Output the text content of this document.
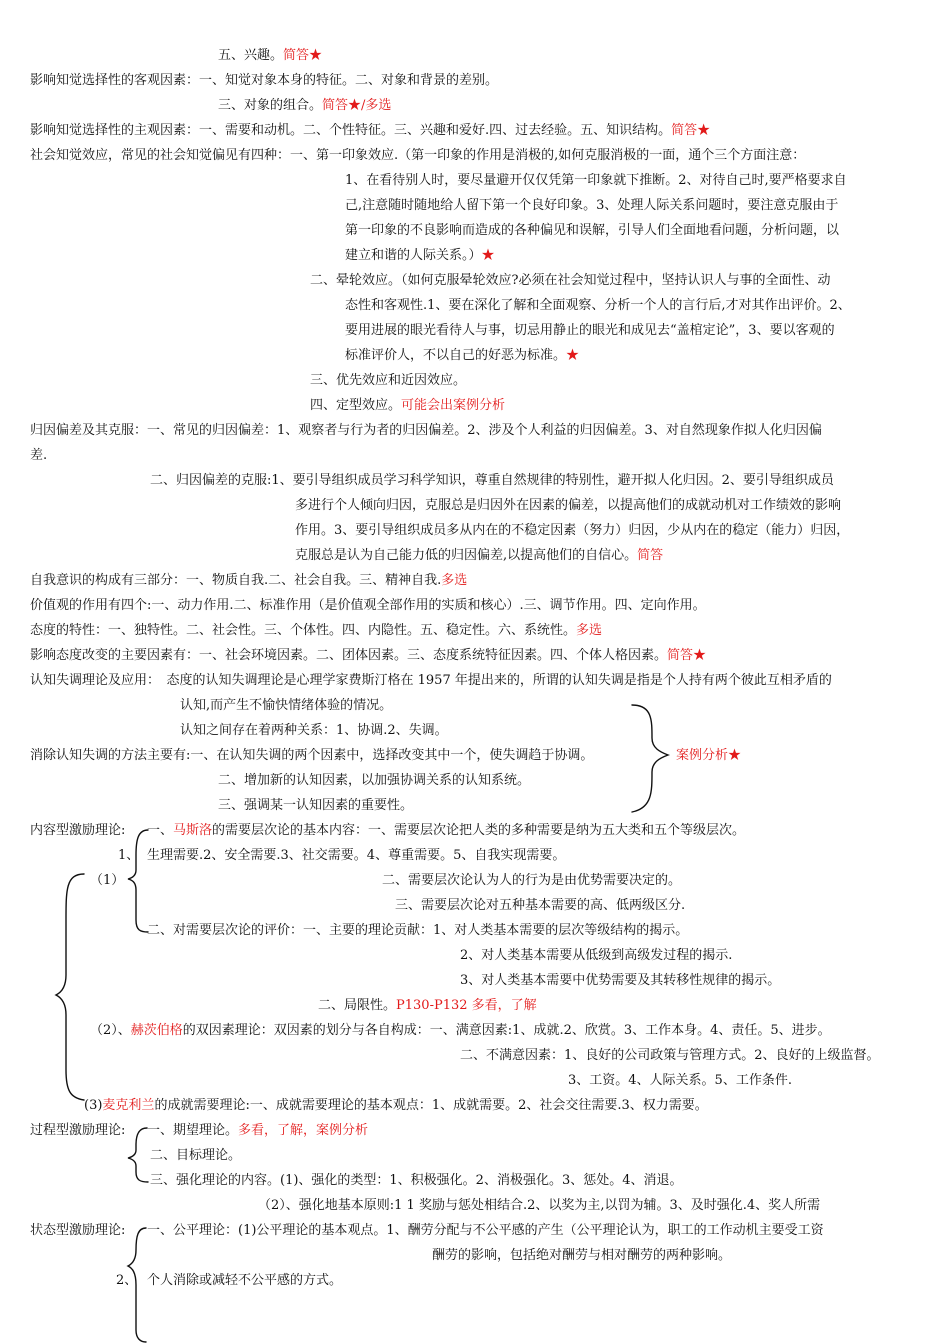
五、兴趣。简答★
影响知觉选择性的客观因素：一、知觉对象本身的特征。二、对象和背景的差别。
三、对象的组合。简答★/多选
影响知觉选择性的主观因素：一、需要和动机。二、个性特征。三、兴趣和爱好.四、过去经验。五、知识结构。简答★
社会知觉效应，常见的社会知觉偏见有四种：一、第一印象效应.（第一印象的作用是消极的,如何克服消极的一面，通个三个方面注意：
1、在看待别人时，要尽量避开仅仅凭第一印象就下推断。2、对待自己时,要严格要求自
己,注意随时随地给人留下第一个良好印象。3、处理人际关系问题时，要注意克服由于
第一印象的不良影响而造成的各种偏见和误解，引导人们全面地看问题，分析问题，以
建立和谐的人际关系。）★
二、晕轮效应。（如何克服晕轮效应?必须在社会知觉过程中，坚持认识人与事的全面性、动
态性和客观性.1、要在深化了解和全面观察、分析一个人的言行后,才对其作出评价。2、
要用进展的眼光看待人与事，切忌用静止的眼光和成见去“盖棺定论”，3、要以客观的
标准评价人，不以自己的好恶为标准。★
三、优先效应和近因效应。
四、定型效应。可能会出案例分析
归因偏差及其克服：一、常见的归因偏差：1、观察者与行为者的归因偏差。2、涉及个人利益的归因偏差。3、对自然现象作拟人化归因偏
差.
二、归因偏差的克服:1、要引导组织成员学习科学知识，尊重自然规律的特别性，避开拟人化归因。2、要引导组织成员
多进行个人倾向归因，克服总是归因外在因素的偏差，以提高他们的成就动机对工作绩效的影响
作用。3、要引导组织成员多从内在的不稳定因素（努力）归因，少从内在的稳定（能力）归因，
克服总是认为自己能力低的归因偏差,以提高他们的自信心。简答
自我意识的构成有三部分：一、物质自我.二、社会自我。三、精神自我.多选
价值观的作用有四个:一、动力作用.二、标准作用（是价值观全部作用的实质和核心）.三、调节作用。四、定向作用。
态度的特性：一、独特性。二、社会性。三、个体性。四、内隐性。五、稳定性。六、系统性。多选
影响态度改变的主要因素有：一、社会环境因素。二、团体因素。三、态度系统特征因素。四、个体人格因素。简答★
认知失调理论及应用：　态度的认知失调理论是心理学家费斯汀格在 1957 年提出来的，所谓的认知失调是指是个人持有两个彼此互相矛盾的
认知,而产生不愉快情绪体验的情况。
认知之间存在着两种关系：1、协调.2、失调。
消除认知失调的方法主要有:一、在认知失调的两个因素中，选择改变其中一个，使失调趋于协调。	案例分析★
二、增加新的认知因素，以加强协调关系的认知系统。
三、强调某一认知因素的重要性。
内容型激励理论: 一、马斯洛的需要层次论的基本内容：一、需要层次论把人类的多种需要是纳为五大类和五个等级层次。
1、 生理需要.2、安全需要.3、社交需要。4、尊重需要。5、自我实现需要。
（1）	二、需要层次论认为人的行为是由优势需要决定的。
　三、需要层次论对五种基本需要的高、低两级区分.
二、对需要层次论的评价：一、主要的理论贡献：1、对人类基本需要的层次等级结构的揭示。
2、对人类基本需要从低级到高级发过程的揭示.
3、对人类基本需要中优势需要及其转移性规律的揭示。
二、局限性。P130-P132 多看，了解
（2）、赫茨伯格的双因素理论：双因素的划分与各自构成：一、满意因素:1、成就.2、欣赏。3、工作本身。4、责任。5、进步。
二、不满意因素：1、良好的公司政策与管理方式。2、良好的上级监督。
3、工资。4、人际关系。5、工作条件.
(3)麦克利兰的成就需要理论:一、成就需要理论的基本观点：1、成就需要。2、社会交往需要.3、权力需要。
过程型激励理论: 一、期望理论。多看，了解，案例分析
二、目标理论。
三、强化理论的内容。(1)、强化的类型：1、积极强化。2、消极强化。3、惩处。4、消退。
（2）、强化地基本原则:1 1 奖励与惩处相结合.2、以奖为主,以罚为辅。3、及时强化.4、奖人所需
状态型激励理论: 一、公平理论：(1)公平理论的基本观点。1、酬劳分配与不公平感的产生（公平理论认为，职工的工作动机主要受工资
酬劳的影响，包括绝对酬劳与相对酬劳的两种影响。
2、 个人消除或减轻不公平感的方式。
